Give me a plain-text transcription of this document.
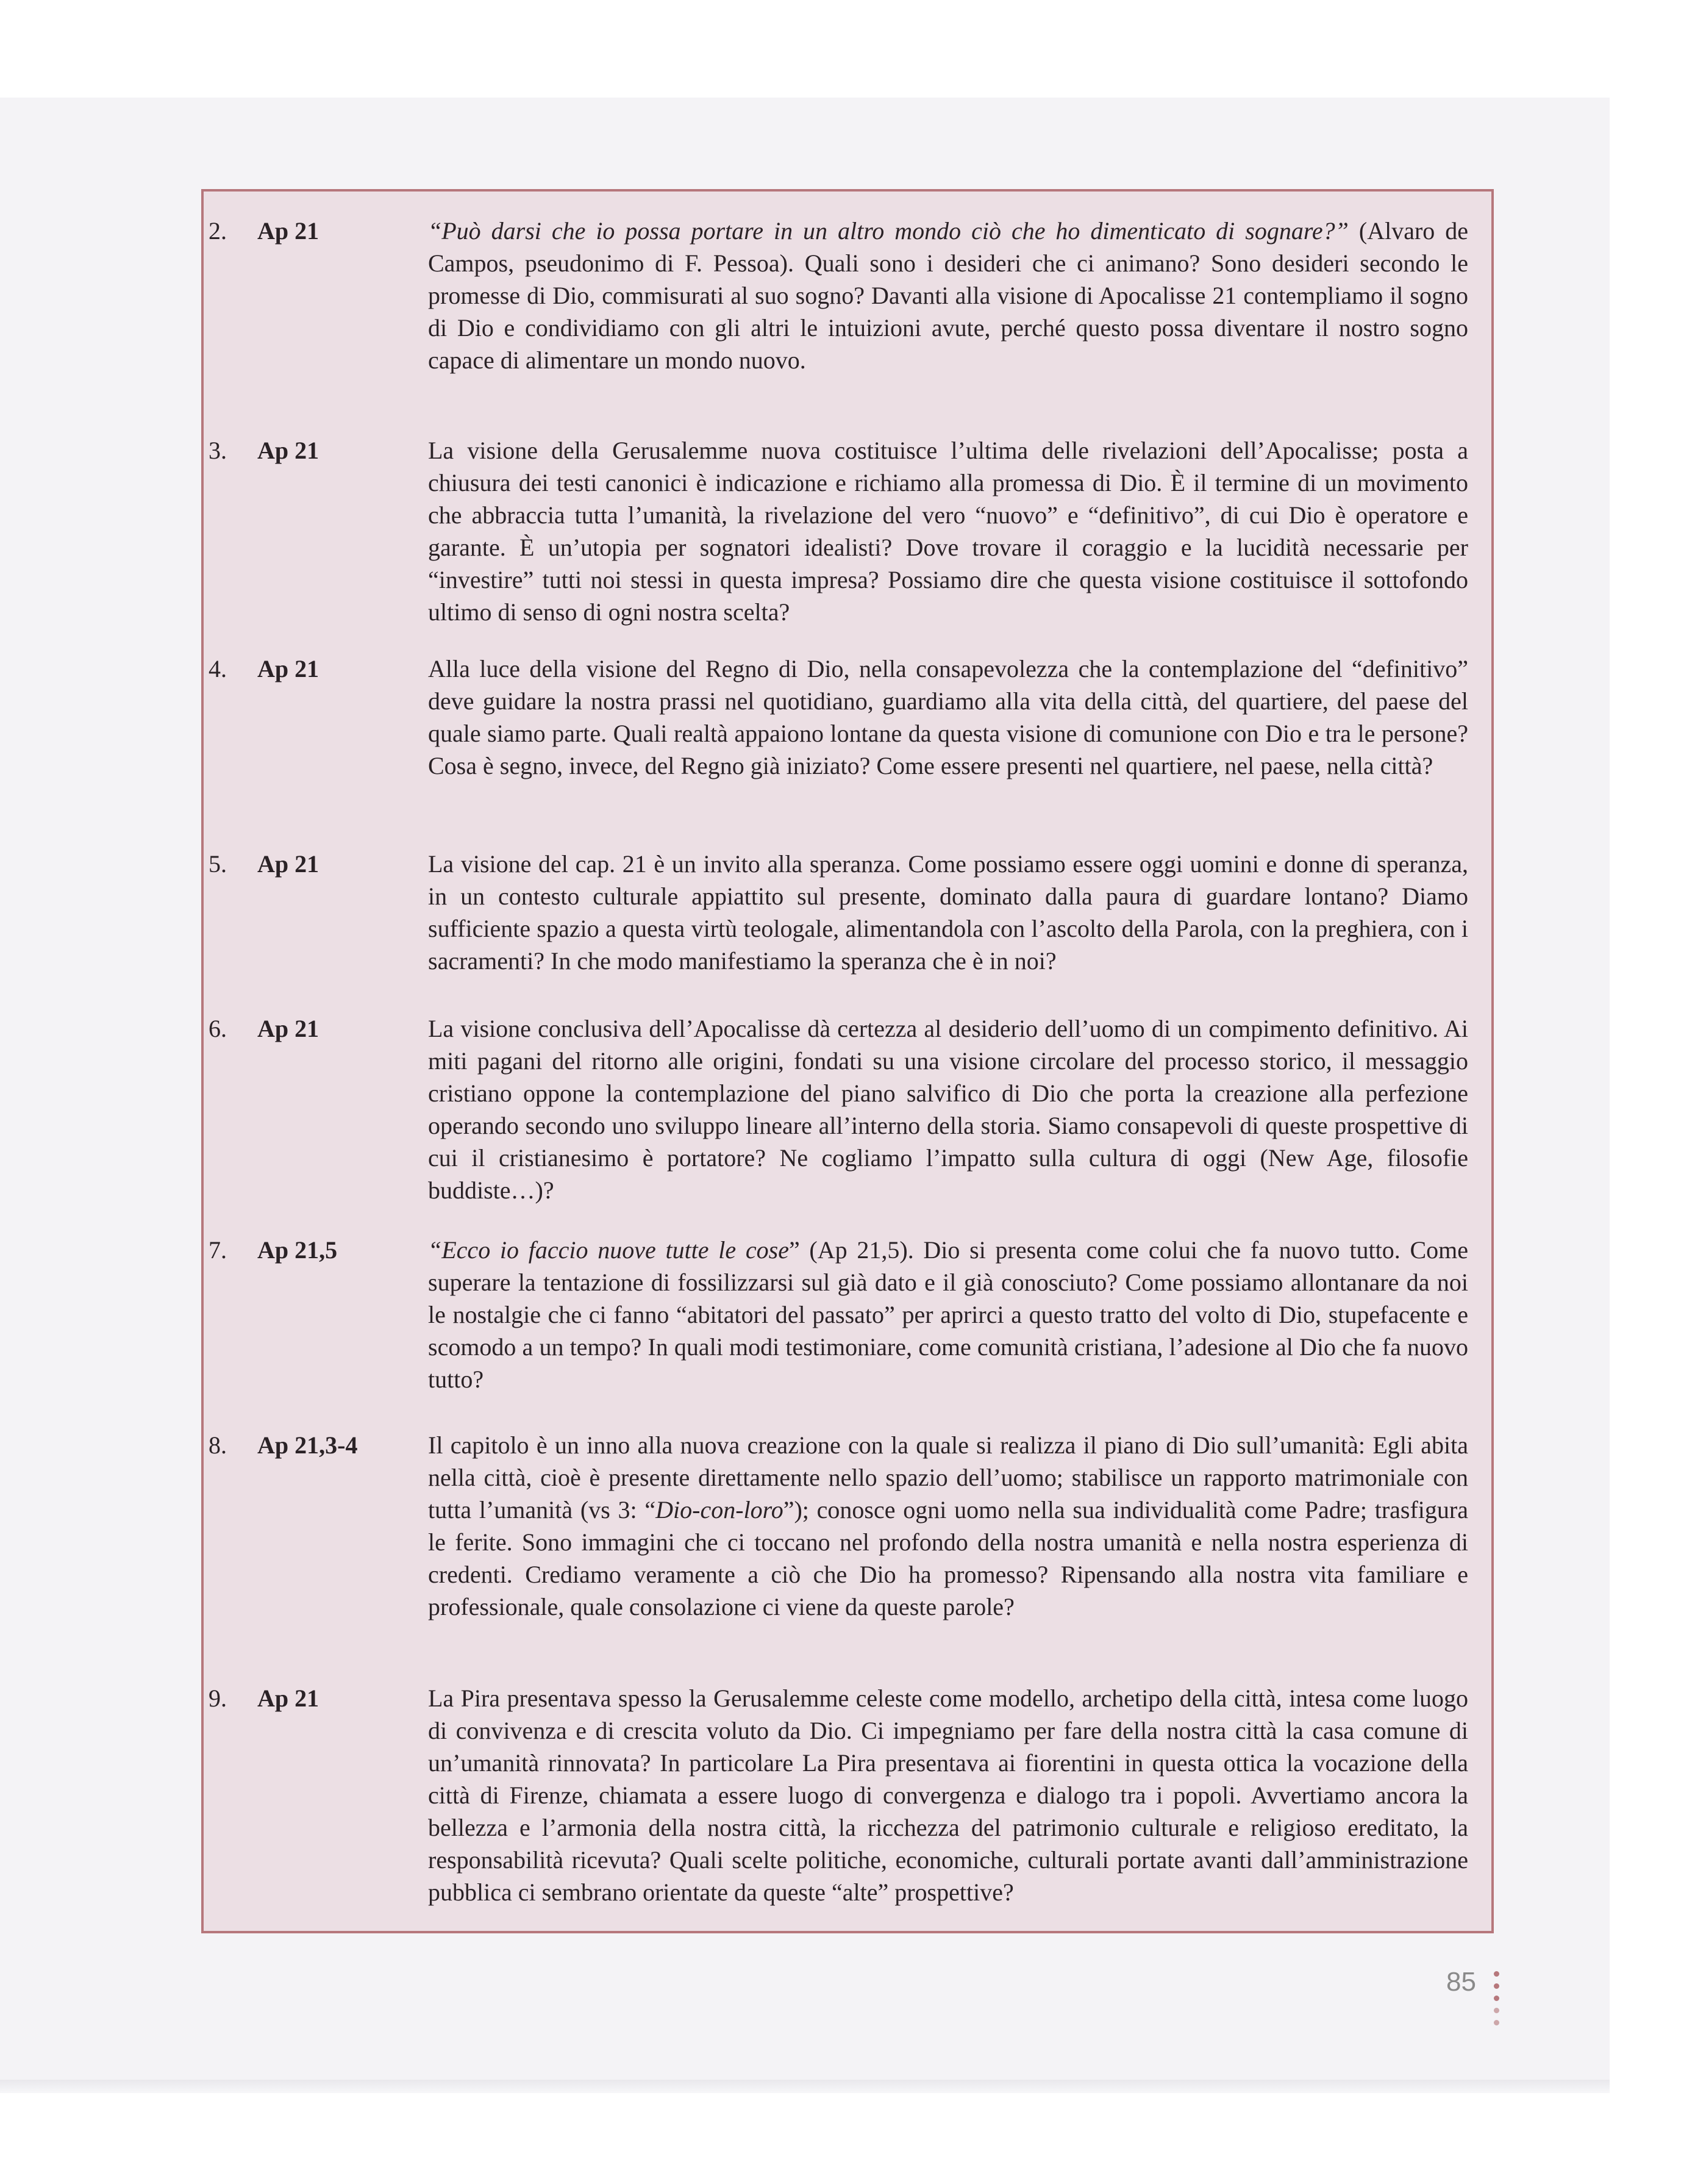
2. Ap 21	“Può darsi che io possa portare in un altro mondo ciò che ho dimenticato di sognare?” (Alvaro de Campos, pseudonimo di F. Pessoa). Quali sono i desideri che ci animano? Sono desideri secondo le promesse di Dio, commisurati al suo sogno? Davanti alla visione di Apocalisse 21 contempliamo il sogno di Dio e condividiamo con gli altri le intuizioni avute, perché questo possa diventare il nostro sogno capace di alimentare un mondo nuovo.
3. Ap 21	La visione della Gerusalemme nuova costituisce l’ultima delle rivelazioni dell’Apocalisse; posta a chiusura dei testi canonici è indicazione e richiamo alla promessa di Dio. È il termine di un movimento che abbraccia tutta l’umanità, la rivelazione del vero “nuovo” e “definitivo”, di cui Dio è operatore e garante. È un’utopia per sognatori idealisti? Dove trovare il coraggio e la lucidità necessarie per “investire” tutti noi stessi in questa impresa? Possiamo dire che questa visione costituisce il sottofondo ultimo di senso di ogni nostra scelta?
4. Ap 21	Alla luce della visione del Regno di Dio, nella consapevolezza che la contemplazione del “definitivo” deve guidare la nostra prassi nel quotidiano, guardiamo alla vita della città, del quartiere, del paese del quale siamo parte. Quali realtà appaiono lontane da questa visione di comunione con Dio e tra le persone? Cosa è segno, invece, del Regno già iniziato? Come essere presenti nel quartiere, nel paese, nella città?
5. Ap 21	La visione del cap. 21 è un invito alla speranza. Come possiamo essere oggi uomini e donne di speranza, in un contesto culturale appiattito sul presente, dominato dalla paura di guardare lontano? Diamo sufficiente spazio a questa virtù teologale, alimentandola con l’ascolto della Parola, con la preghiera, con i sacramenti? In che modo manifestiamo la speranza che è in noi?
6. Ap 21	La visione conclusiva dell’Apocalisse dà certezza al desiderio dell’uomo di un compimento definitivo. Ai miti pagani del ritorno alle origini, fondati su una visione circolare del processo storico, il messaggio cristiano oppone la contemplazione del piano salvifico di Dio che porta la creazione alla perfezione operando secondo uno sviluppo lineare all’interno della storia. Siamo consapevoli di queste prospettive di cui il cristianesimo è portatore? Ne cogliamo l’impatto sulla cultura di oggi (New Age, filosofie buddiste…)?
7. Ap 21,5	“Ecco io faccio nuove tutte le cose” (Ap 21,5). Dio si presenta come colui che fa nuovo tutto. Come superare la tentazione di fossilizzarsi sul già dato e il già conosciuto? Come possiamo allontanare da noi le nostalgie che ci fanno “abitatori del passato” per aprirci a questo tratto del volto di Dio, stupefacente e scomodo a un tempo? In quali modi testimoniare, come comunità cristiana, l’adesione al Dio che fa nuovo tutto?
8. Ap 21,3-4	Il capitolo è un inno alla nuova creazione con la quale si realizza il piano di Dio sull’umanità: Egli abita nella città, cioè è presente direttamente nello spazio dell’uomo; stabilisce un rapporto matrimoniale con tutta l’umanità (vs 3: “Dio-con-loro”); conosce ogni uomo nella sua individualità come Padre; trasfigura le ferite. Sono immagini che ci toccano nel profondo della nostra umanità e nella nostra esperienza di credenti. Crediamo veramente a ciò che Dio ha promesso? Ripensando alla nostra vita familiare e professionale, quale consolazione ci viene da queste parole?
9. Ap 21	La Pira presentava spesso la Gerusalemme celeste come modello, archetipo della città, intesa come luogo di convivenza e di crescita voluto da Dio. Ci impegniamo per fare della nostra città la casa comune di un’umanità rinnovata? In particolare La Pira presentava ai fiorentini in questa ottica la vocazione della città di Firenze, chiamata a essere luogo di convergenza e dialogo tra i popoli. Avvertiamo ancora la bellezza e l’armonia della nostra città, la ricchezza del patrimonio culturale e religioso ereditato, la responsabilità ricevuta? Quali scelte politiche, economiche, culturali portate avanti dall’amministrazione pubblica ci sembrano orientate da queste “alte” prospettive?
85
